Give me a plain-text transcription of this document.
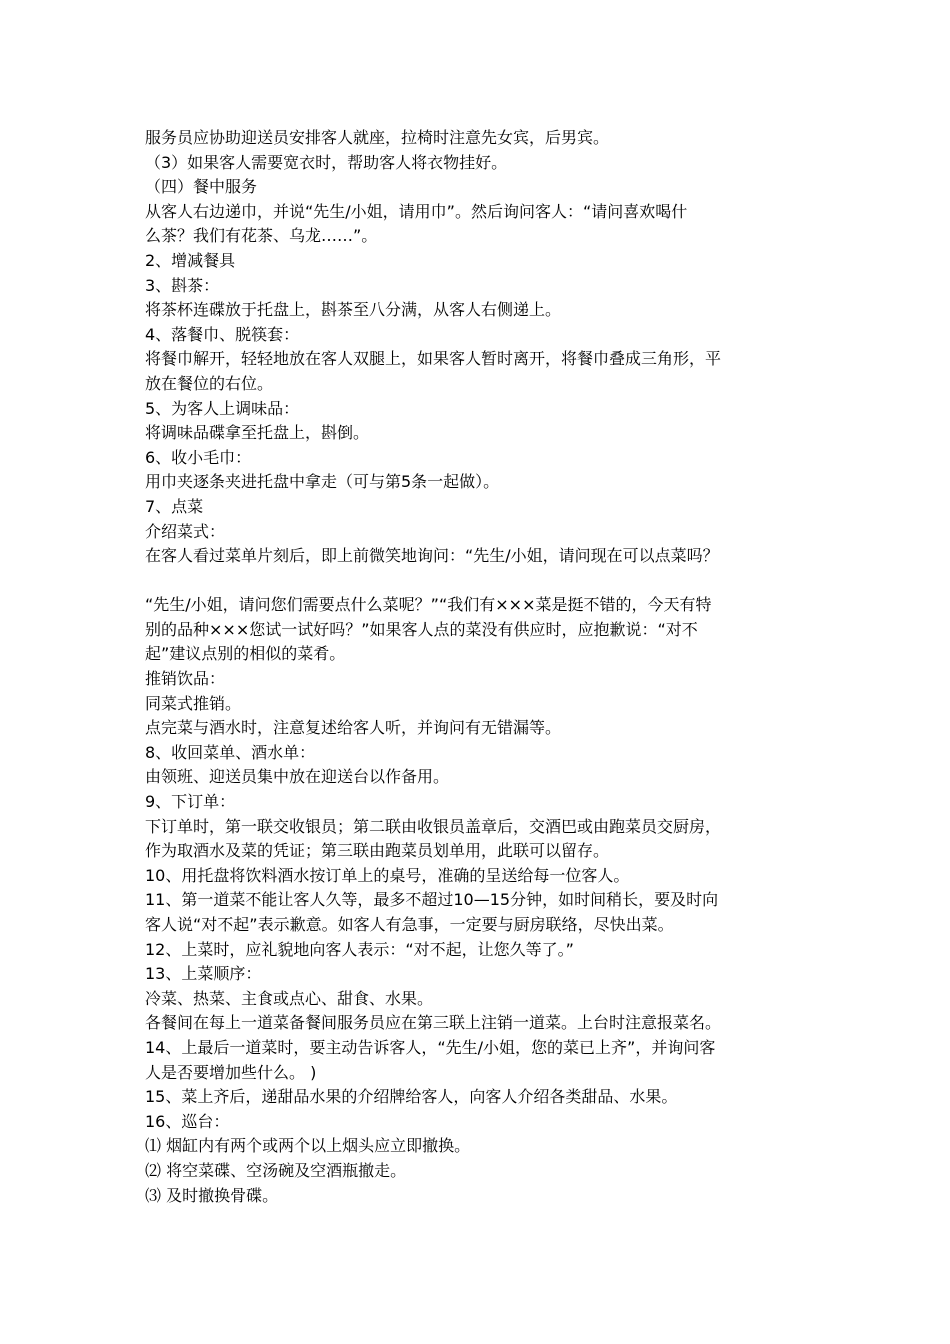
服务员应协助迎送员安排客人就座，拉椅时注意先女宾，后男宾。
（3）如果客人需要宽衣时，帮助客人将衣物挂好。
（四）餐中服务
从客人右边递巾，并说“先生/小姐，请用巾”。然后询问客人：“请问喜欢喝什
么茶？我们有花茶、乌龙……”。
2、增减餐具
3、斟茶：
将茶杯连碟放于托盘上，斟茶至八分满，从客人右侧递上。
4、落餐巾、脱筷套：
将餐巾解开，轻轻地放在客人双腿上，如果客人暂时离开，将餐巾叠成三角形，平
放在餐位的右位。
5、为客人上调味品：
将调味品碟拿至托盘上，斟倒。
6、收小毛巾：
用巾夹逐条夹进托盘中拿走（可与第5条一起做）。
7、点菜
介绍菜式：
在客人看过菜单片刻后，即上前微笑地询问：“先生/小姐，请问现在可以点菜吗？
“先生/小姐，请问您们需要点什么菜呢？”“我们有×××菜是挺不错的，今天有特
别的品种×××您试一试好吗？”如果客人点的菜没有供应时，应抱歉说：“对不
起”建议点别的相似的菜肴。
推销饮品：
同菜式推销。
点完菜与酒水时，注意复述给客人听，并询问有无错漏等。
8、收回菜单、酒水单：
由领班、迎送员集中放在迎送台以作备用。
9、下订单：
下订单时，第一联交收银员；第二联由收银员盖章后，交酒巴或由跑菜员交厨房，
作为取酒水及菜的凭证；第三联由跑菜员划单用，此联可以留存。
10、用托盘将饮料酒水按订单上的桌号，准确的呈送给每一位客人。
11、第一道菜不能让客人久等，最多不超过10—15分钟，如时间稍长，要及时向
客人说“对不起”表示歉意。如客人有急事，一定要与厨房联络，尽快出菜。
12、上菜时，应礼貌地向客人表示：“对不起，让您久等了。”
13、上菜顺序：
冷菜、热菜、主食或点心、甜食、水果。
各餐间在每上一道菜备餐间服务员应在第三联上注销一道菜。上台时注意报菜名。
14、上最后一道菜时，要主动告诉客人，“先生/小姐，您的菜已上齐”，并询问客
人是否要增加些什么。 )
15、菜上齐后，递甜品水果的介绍牌给客人，向客人介绍各类甜品、水果。
16、巡台：
⑴ 烟缸内有两个或两个以上烟头应立即撤换。
⑵ 将空菜碟、空汤碗及空酒瓶撤走。
⑶ 及时撤换骨碟。
